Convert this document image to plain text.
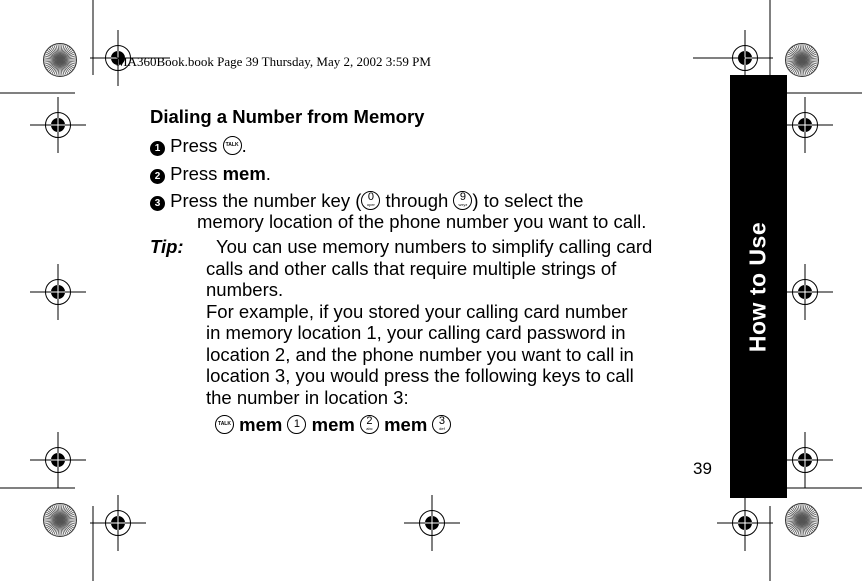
MA360Book.book Page 39 Thursday, May 2, 2002 3:59 PM
How to Use
Dialing a Number from Memory
1 Press TALK .
2 Press mem.
3 Press the number key ( 0
oper through 9
wxyz ) to select the
memory location of the phone number you want to call.
Tip: You can use memory numbers to simplify calling card
calls and other calls that require multiple strings of
numbers.
For example, if you stored your calling card number
in memory location 1, your calling card password in
location 2, and the phone number you want to call in
location 3, you would press the following keys to call
the number in location 3:
TALK mem	1 mem	2
abc mem	3
def
39
